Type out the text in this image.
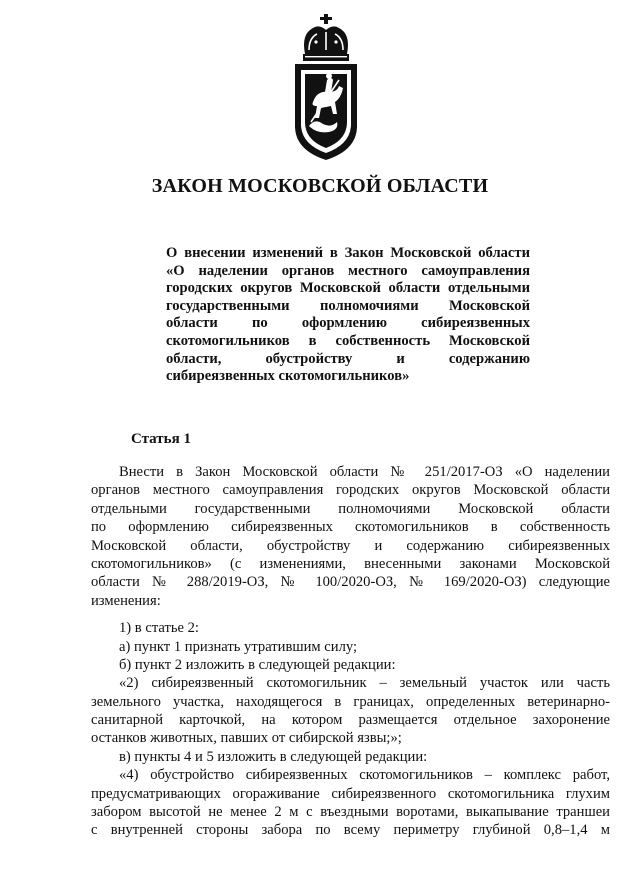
ЗАКОН МОСКОВСКОЙ ОБЛАСТИ
О внесении изменений в Закон Московской области
«О наделении органов местного самоуправления
городских округов Московской области отдельными
государственными полномочиями Московской
области по оформлению сибиреязвенных
скотомогильников в собственность Московской
области, обустройству и содержанию
сибиреязвенных скотомогильников»
Статья 1
Внести в Закон Московской области № 251/2017-ОЗ «О наделении
органов местного самоуправления городских округов Московской области
отдельными государственными полномочиями Московской области
по оформлению сибиреязвенных скотомогильников в собственность
Московской области, обустройству и содержанию сибиреязвенных
скотомогильников» (с изменениями, внесенными законами Московской
области № 288/2019-ОЗ, № 100/2020-ОЗ, № 169/2020-ОЗ) следующие
изменения:
1) в статье 2:
а) пункт 1 признать утратившим силу;
б) пункт 2 изложить в следующей редакции:
«2) сибиреязвенный скотомогильник – земельный участок или часть
земельного участка, находящегося в границах, определенных ветеринарно-
санитарной карточкой, на котором размещается отдельное захоронение
останков животных, павших от сибирской язвы;»;
в) пункты 4 и 5 изложить в следующей редакции:
«4) обустройство сибиреязвенных скотомогильников – комплекс работ,
предусматривающих огораживание сибиреязвенного скотомогильника глухим
забором высотой не менее 2 м с въездными воротами, выкапывание траншеи
с внутренней стороны забора по всему периметру глубиной 0,8–1,4 м
